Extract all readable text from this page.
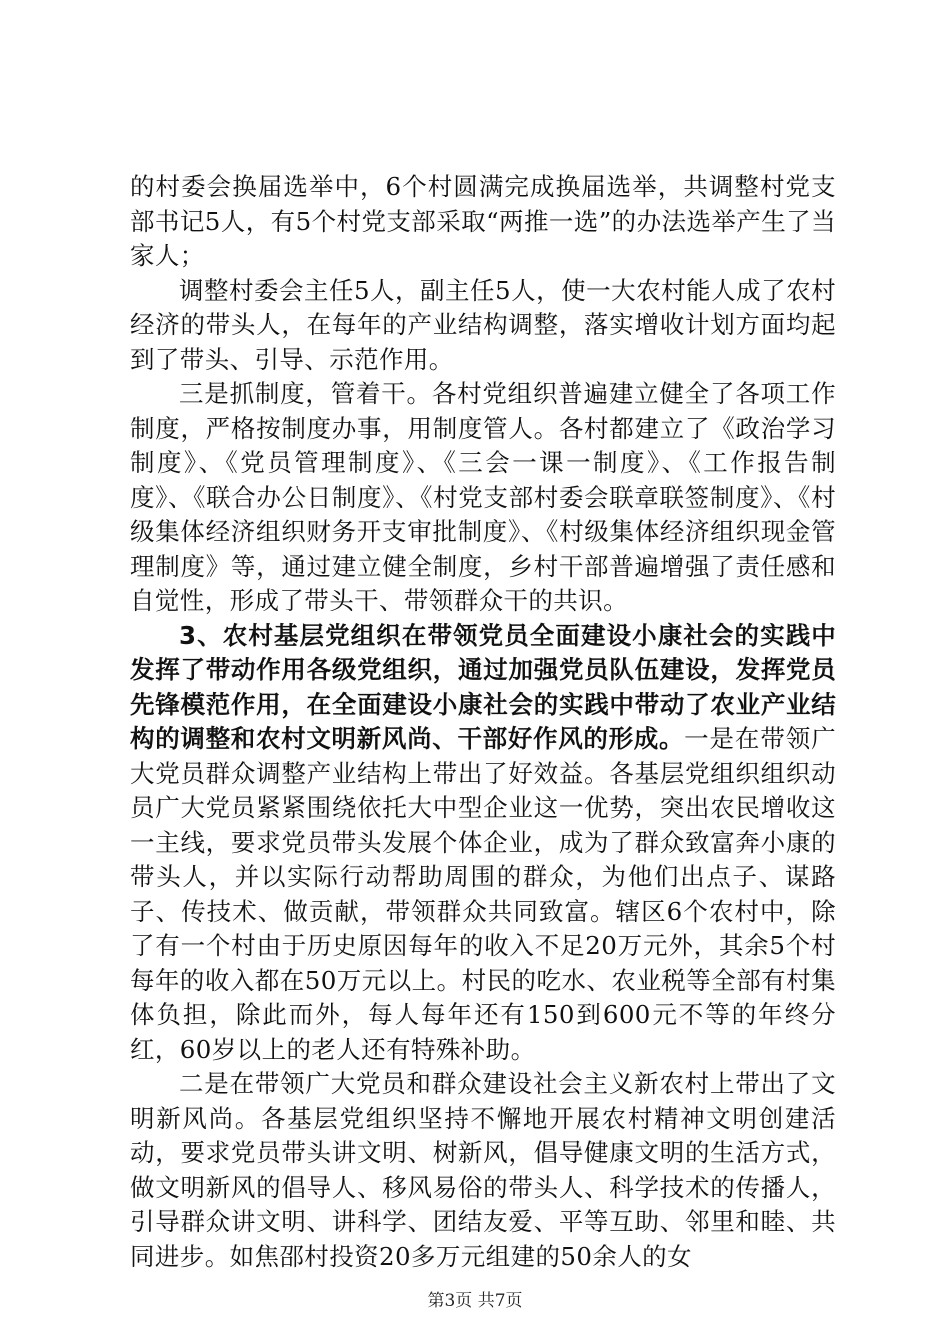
的村委会换届选举中，6个村圆满完成换届选举，共调整村党支部书记5人，有5个村党支部采取“两推一选”的办法选举产生了当家人；

调整村委会主任5人，副主任5人，使一大农村能人成了农村经济的带头人，在每年的产业结构调整，落实增收计划方面均起到了带头、引导、示范作用。

三是抓制度，管着干。各村党组织普遍建立健全了各项工作制度，严格按制度办事，用制度管人。各村都建立了《政治学习制度》、《党员管理制度》、《三会一课一制度》、《工作报告制度》、《联合办公日制度》、《村党支部村委会联章联签制度》、《村级集体经济组织财务开支审批制度》、《村级集体经济组织现金管理制度》等，通过建立健全制度，乡村干部普遍增强了责任感和自觉性，形成了带头干、带领群众干的共识。

3、农村基层党组织在带领党员全面建设小康社会的实践中发挥了带动作用各级党组织，通过加强党员队伍建设，发挥党员先锋模范作用，在全面建设小康社会的实践中带动了农业产业结构的调整和农村文明新风尚、干部好作风的形成。一是在带领广大党员群众调整产业结构上带出了好效益。各基层党组织组织动员广大党员紧紧围绕依托大中型企业这一优势，突出农民增收这一主线，要求党员带头发展个体企业，成为了群众致富奔小康的带头人，并以实际行动帮助周围的群众，为他们出点子、谋路子、传技术、做贡献，带领群众共同致富。辖区6个农村中，除了有一个村由于历史原因每年的收入不足20万元外，其余5个村每年的收入都在50万元以上。村民的吃水、农业税等全部有村集体负担，除此而外，每人每年还有150到600元不等的年终分红，60岁以上的老人还有特殊补助。

二是在带领广大党员和群众建设社会主义新农村上带出了文明新风尚。各基层党组织坚持不懈地开展农村精神文明创建活动，要求党员带头讲文明、树新风，倡导健康文明的生活方式，做文明新风的倡导人、移风易俗的带头人、科学技术的传播人，引导群众讲文明、讲科学、团结友爱、平等互助、邻里和睦、共同进步。如焦邵村投资20多万元组建的50余人的女

第3页 共7页
